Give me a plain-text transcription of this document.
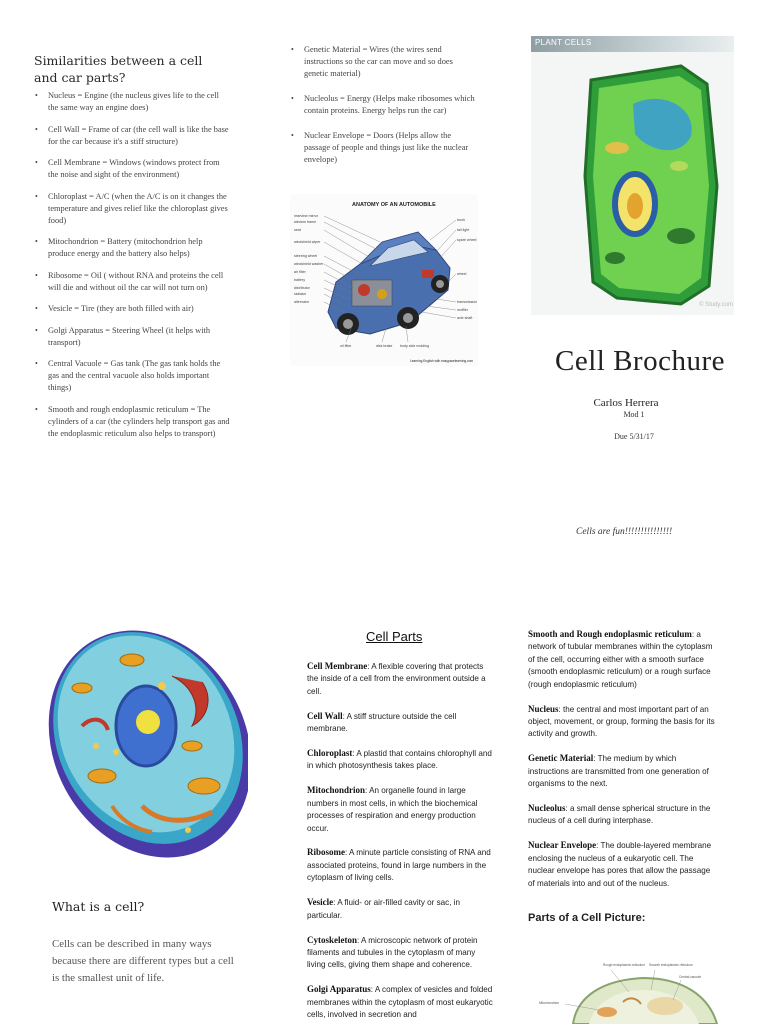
Similarities between a cell
and car parts?
• Nucleus = Engine (the nucleus gives life to the cell the same way an engine does)
• Cell Wall = Frame of car (the cell wall is like the base for the car because it's a stiff structure)
• Cell Membrane = Windows (windows protect from the noise and sight of the environment)
• Chloroplast = A/C (when the A/C is on it changes the temperature and gives relief like the chloroplast gives food)
• Mitochondrion = Battery (mitochondrion help produce energy and the battery also helps)
• Ribosome = Oil ( without RNA and proteins the cell will die and without oil the car will not turn on)
• Vesicle = Tire (they are both filled with air)
• Golgi Apparatus = Steering Wheel (it helps with transport)
• Central Vacuole = Gas tank (The gas tank holds the gas and the central vacuole also holds important things)
• Smooth and rough endoplasmic reticulum = The cylinders of a car (the cylinders help transport gas and the endoplasmic reticulum also helps to transport)
• Genetic Material = Wires (the wires send instructions so the car can move and so does genetic material)
• Nucleolus = Energy (Helps make ribosomes which contain proteins. Energy helps run the car)
• Nuclear Envelope = Doors (Helps allow the passage of people and things just like the nuclear envelope)
ANATOMY OF AN AUTOMOBILE
rearview mirror
window frame
seat
windshield wiper
steering wheel
windshield washer
air filter
battery
distributor
radiator
alternator
trunk
tail light
spare wheel
wheel
transmission
muffler
axle shaft
oil filter	disk brake body side molding
Learning English with easypacelearning.com
© Study.com
PLANT CELLS
Cell Brochure
Carlos Herrera
Mod 1
Due 5/31/17
Cells are fun!!!!!!!!!!!!!!!
What is a cell?
Cells can be described in many ways because there are different types but a cell is the smallest unit of life.
Cell Parts

Cell Membrane: A flexible covering that protects the inside of a cell from the environment outside a cell.

Cell Wall: A stiff structure outside the cell membrane.

Chloroplast: A plastid that contains chlorophyll and in which photosynthesis takes place.

Mitochondrion: An organelle found in large numbers in most cells, in which the biochemical processes of respiration and energy production occur.

Ribosome: A minute particle consisting of RNA and associated proteins, found in large numbers in the cytoplasm of living cells.

Vesicle: A fluid- or air-filled cavity or sac, in particular.

Cytoskeleton: A microscopic network of protein filaments and tubules in the cytoplasm of many living cells, giving them shape and coherence.

Golgi Apparatus: A complex of vesicles and folded membranes within the cytoplasm of most eukaryotic cells, involved in secretion and

Smooth and Rough endoplasmic reticulum: a network of tubular membranes within the cytoplasm of the cell, occurring either with a smooth surface (smooth endoplasmic reticulum) or a rough surface (rough endoplasmic reticulum)

Nucleus: the central and most important part of an object, movement, or group, forming the basis for its activity and growth.

Genetic Material: The medium by which instructions are transmitted from one generation of organisms to the next.

Nucleolus: a small dense spherical structure in the nucleus of a cell during interphase.

Nuclear Envelope: The double-layered membrane enclosing the nucleus of a eukaryotic cell. The nuclear envelope has pores that allow the passage of materials into and out of the nucleus.

Parts of a Cell Picture:
Rough endoplasmic reticulum Smooth endoplasmic reticulum
Mitochondrion
Central vacuole
